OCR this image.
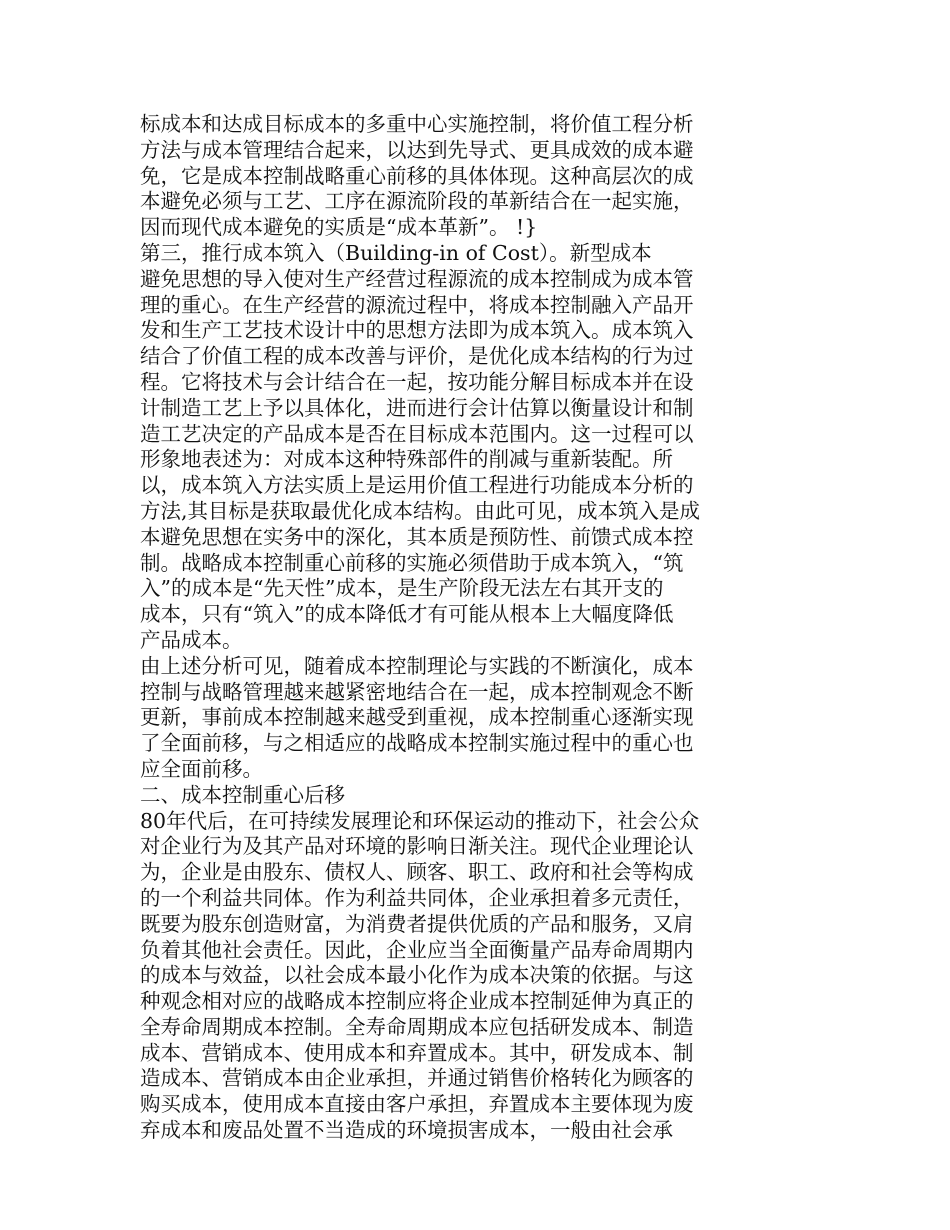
标成本和达成目标成本的多重中心实施控制，将价值工程分析
方法与成本管理结合起来，以达到先导式、更具成效的成本避
免，它是成本控制战略重心前移的具体体现。这种高层次的成
本避免必须与工艺、工序在源流阶段的革新结合在一起实施，
因而现代成本避免的实质是“成本革新”。 !}
第三，推行成本筑入（Building-in of Cost）。新型成本
避免思想的导入使对生产经营过程源流的成本控制成为成本管
理的重心。在生产经营的源流过程中，将成本控制融入产品开
发和生产工艺技术设计中的思想方法即为成本筑入。成本筑入
结合了价值工程的成本改善与评价，是优化成本结构的行为过
程。它将技术与会计结合在一起，按功能分解目标成本并在设
计制造工艺上予以具体化，进而进行会计估算以衡量设计和制
造工艺决定的产品成本是否在目标成本范围内。这一过程可以
形象地表述为：对成本这种特殊部件的削减与重新装配。所
以，成本筑入方法实质上是运用价值工程进行功能成本分析的
方法,其目标是获取最优化成本结构。由此可见，成本筑入是成
本避免思想在实务中的深化，其本质是预防性、前馈式成本控
制。战略成本控制重心前移的实施必须借助于成本筑入，“筑
入”的成本是“先天性”成本，是生产阶段无法左右其开支的
成本，只有“筑入”的成本降低才有可能从根本上大幅度降低
产品成本。
由上述分析可见，随着成本控制理论与实践的不断演化，成本
控制与战略管理越来越紧密地结合在一起，成本控制观念不断
更新，事前成本控制越来越受到重视，成本控制重心逐渐实现
了全面前移，与之相适应的战略成本控制实施过程中的重心也
应全面前移。
二、成本控制重心后移
80年代后，在可持续发展理论和环保运动的推动下，社会公众
对企业行为及其产品对环境的影响日渐关注。现代企业理论认
为，企业是由股东、债权人、顾客、职工、政府和社会等构成
的一个利益共同体。作为利益共同体，企业承担着多元责任，
既要为股东创造财富，为消费者提供优质的产品和服务，又肩
负着其他社会责任。因此，企业应当全面衡量产品寿命周期内
的成本与效益，以社会成本最小化作为成本决策的依据。与这
种观念相对应的战略成本控制应将企业成本控制延伸为真正的
全寿命周期成本控制。全寿命周期成本应包括研发成本、制造
成本、营销成本、使用成本和弃置成本。其中，研发成本、制
造成本、营销成本由企业承担，并通过销售价格转化为顾客的
购买成本，使用成本直接由客户承担，弃置成本主要体现为废
弃成本和废品处置不当造成的环境损害成本，一般由社会承
